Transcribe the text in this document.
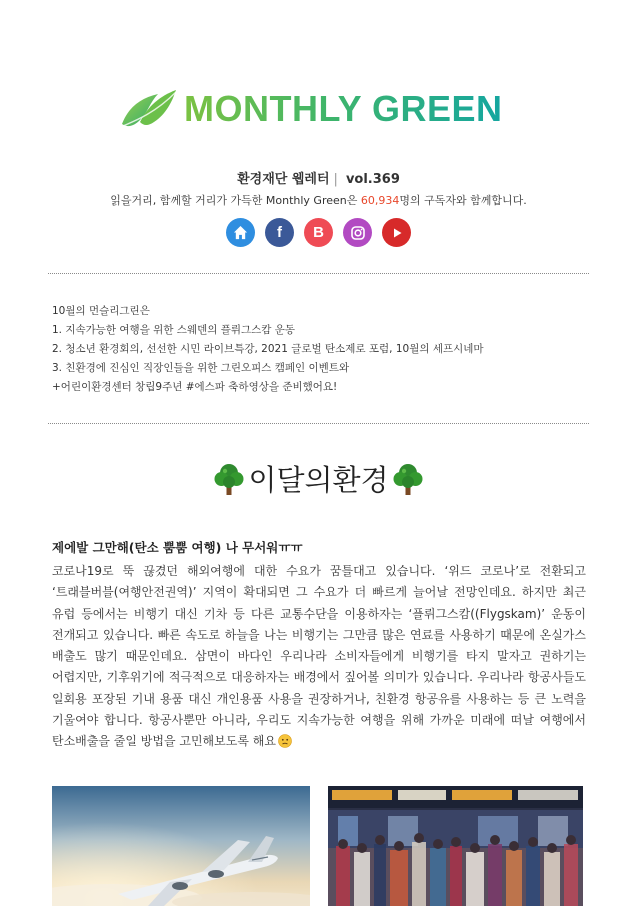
MONTHLY GREEN
환경재단 웹레터 | vol.369
읽을거리, 함께할 거리가 가득한 Monthly Green은 60,934명의 구독자와 함께합니다.
f B
10월의 먼슬리그린은
1. 지속가능한 여행을 위한 스웨덴의 플뤼그스캄 운동
2. 청소년 환경회의, 선선한 시민 라이브특강, 2021 글로벌 탄소제로 포럼, 10월의 세프시네마
3. 친환경에 진심인 직장인들을 위한 그린오피스 캠페인 이벤트와
+어린이환경센터 창립9주년 #에스파 축하영상을 준비했어요!
이달의환경
제에발 그만해(탄소 뿜뿜 여행) 나 무서워ㅠㅠ
코로나19로 뚝 끊겼던 해외여행에 대한 수요가 꿈틀대고 있습니다. ‘위드 코로나’로 전환되고 ‘트래블버블(여행안전권역)’ 지역이 확대되면 그 수요가 더 빠르게 늘어날 전망인데요. 하지만 최근 유럽 등에서는 비행기 대신 기차 등 다른 교통수단을 이용하자는 ‘플뤼그스캄((Flygskam)’ 운동이 전개되고 있습니다. 빠른 속도로 하늘을 나는 비행기는 그만큼 많은 연료를 사용하기 때문에 온실가스 배출도 많기 때문인데요. 삼면이 바다인 우리나라 소비자들에게 비행기를 타지 말자고 권하기는 어렵지만, 기후위기에 적극적으로 대응하자는 배경에서 짚어볼 의미가 있습니다. 우리나라 항공사들도 일회용 포장된 기내 용품 대신 개인용품 사용을 권장하거나, 친환경 항공유를 사용하는 등 큰 노력을 기울여야 합니다. 항공사뿐만 아니라, 우리도 지속가능한 여행을 위해 가까운 미래에 떠날 여행에서 탄소배출을 줄일 방법을 고민해보도록 해요
